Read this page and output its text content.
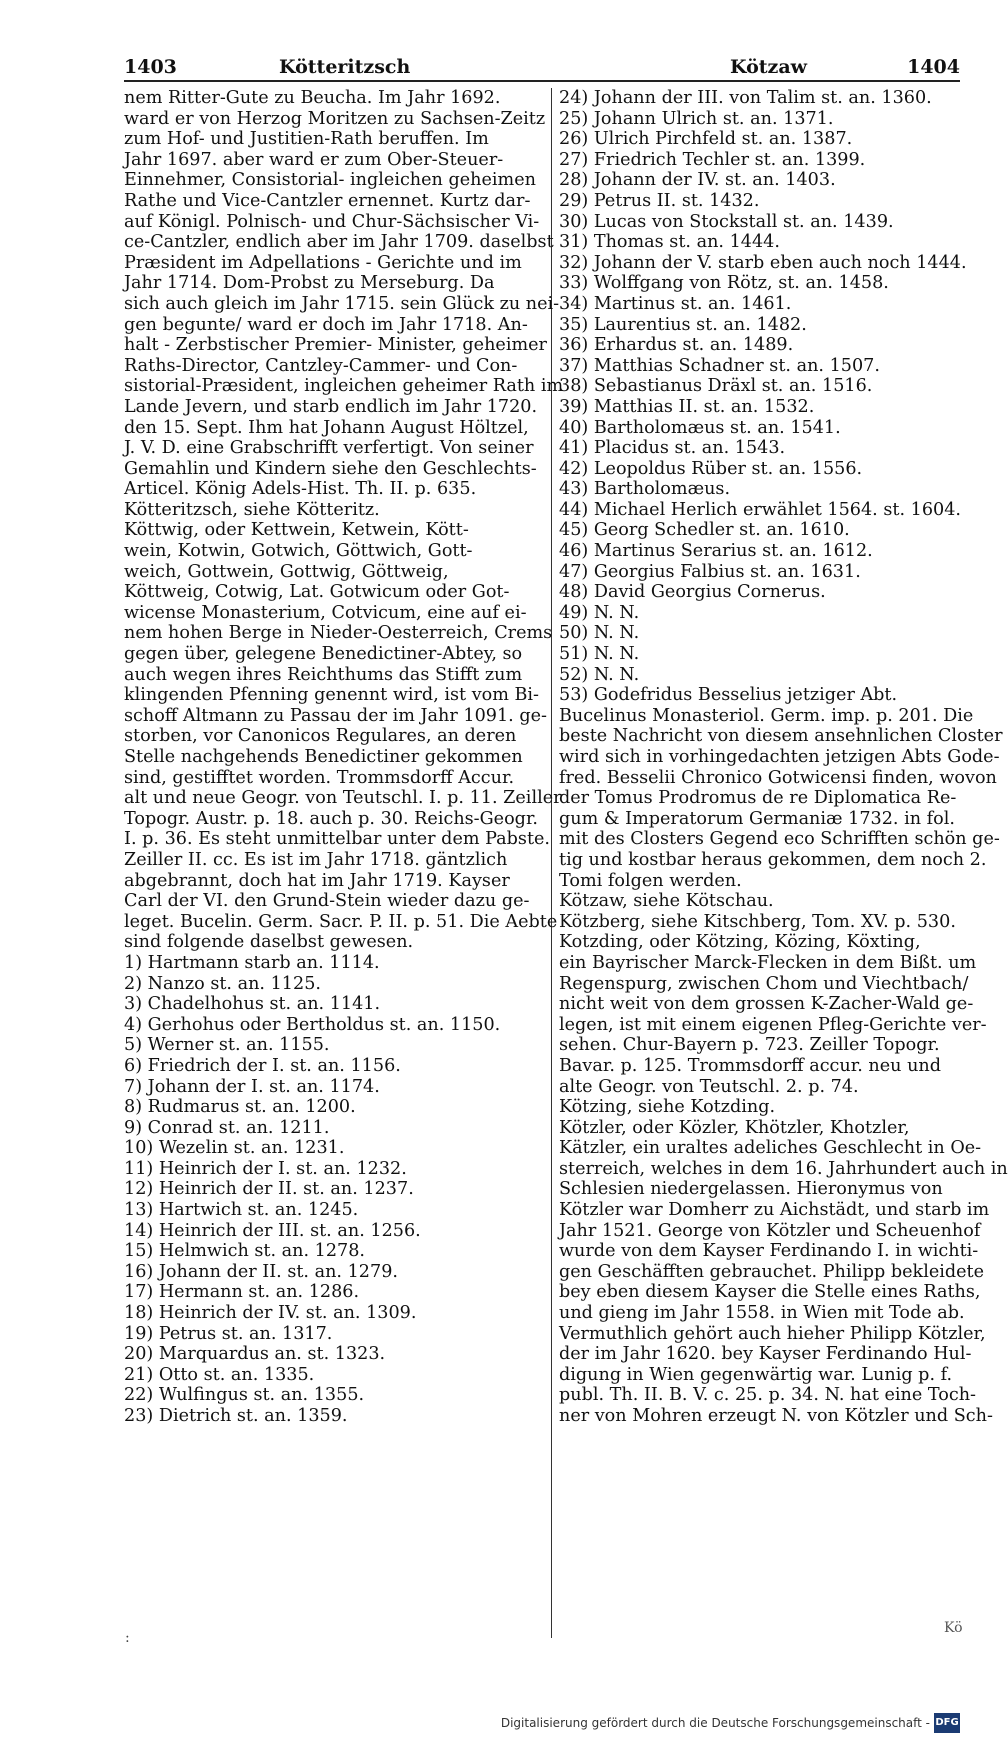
1403	Kötteritzsch	Kötzaw	1404
nem Ritter-Gute zu Beucha. Im Jahr 1692.
ward er von Herzog Moritzen zu Sachsen-Zeitz
zum Hof- und Justitien-Rath beruffen. Im
Jahr 1697. aber ward er zum Ober-Steuer-
Einnehmer, Consistorial- ingleichen geheimen
Rathe und Vice-Cantzler ernennet. Kurtz dar-
auf Königl. Polnisch- und Chur-Sächsischer Vi-
ce-Cantzler, endlich aber im Jahr 1709. daselbst
Præsident im Adpellations - Gerichte und im
Jahr 1714. Dom-Probst zu Merseburg. Da
sich auch gleich im Jahr 1715. sein Glück zu nei-
gen begunte/ ward er doch im Jahr 1718. An-
halt - Zerbstischer Premier- Minister, geheimer
Raths-Director, Cantzley-Cammer- und Con-
sistorial-Præsident, ingleichen geheimer Rath im
Lande Jevern, und starb endlich im Jahr 1720.
den 15. Sept. Ihm hat Johann August Höltzel,
J. V. D. eine Grabschrifft verfertigt. Von seiner
Gemahlin und Kindern siehe den Geschlechts-
Articel. König Adels-Hist. Th. II. p. 635.
Kötteritzsch, siehe Kötteritz.
Köttwig, oder Kettwein, Ketwein, Kött-
wein, Kotwin, Gotwich, Göttwich, Gott-
weich, Gottwein, Gottwig, Göttweig,
Köttweig, Cotwig, Lat. Gotwicum oder Got-
wicense Monasterium, Cotvicum, eine auf ei-
nem hohen Berge in Nieder-Oesterreich, Crems
gegen über, gelegene Benedictiner-Abtey, so
auch wegen ihres Reichthums das Stifft zum
klingenden Pfenning genennt wird, ist vom Bi-
schoff Altmann zu Passau der im Jahr 1091. ge-
storben, vor Canonicos Regulares, an deren
Stelle nachgehends Benedictiner gekommen
sind, gestifftet worden. Trommsdorff Accur.
alt und neue Geogr. von Teutschl. I. p. 11. Zeiller
Topogr. Austr. p. 18. auch p. 30. Reichs-Geogr.
I. p. 36. Es steht unmittelbar unter dem Pabste.
Zeiller II. cc. Es ist im Jahr 1718. gäntzlich
abgebrannt, doch hat im Jahr 1719. Kayser
Carl der VI. den Grund-Stein wieder dazu ge-
leget. Bucelin. Germ. Sacr. P. II. p. 51. Die Aebte
sind folgende daselbst gewesen.
1) Hartmann starb an. 1114.
2) Nanzo st. an. 1125.
3) Chadelhohus st. an. 1141.
4) Gerhohus oder Bertholdus st. an. 1150.
5) Werner st. an. 1155.
6) Friedrich der I. st. an. 1156.
7) Johann der I. st. an. 1174.
8) Rudmarus st. an. 1200.
9) Conrad st. an. 1211.
10) Wezelin st. an. 1231.
11) Heinrich der I. st. an. 1232.
12) Heinrich der II. st. an. 1237.
13) Hartwich st. an. 1245.
14) Heinrich der III. st. an. 1256.
15) Helmwich st. an. 1278.
16) Johann der II. st. an. 1279.
17) Hermann st. an. 1286.
18) Heinrich der IV. st. an. 1309.
19) Petrus st. an. 1317.
20) Marquardus an. st. 1323.
21) Otto st. an. 1335.
22) Wulfingus st. an. 1355.
23) Dietrich st. an. 1359.
24) Johann der III. von Talim st. an. 1360.
25) Johann Ulrich st. an. 1371.
26) Ulrich Pirchfeld st. an. 1387.
27) Friedrich Techler st. an. 1399.
28) Johann der IV. st. an. 1403.
29) Petrus II. st. 1432.
30) Lucas von Stockstall st. an. 1439.
31) Thomas st. an. 1444.
32) Johann der V. starb eben auch noch 1444.
33) Wolffgang von Rötz, st. an. 1458.
34) Martinus st. an. 1461.
35) Laurentius st. an. 1482.
36) Erhardus st. an. 1489.
37) Matthias Schadner st. an. 1507.
38) Sebastianus Dräxl st. an. 1516.
39) Matthias II. st. an. 1532.
40) Bartholomæus st. an. 1541.
41) Placidus st. an. 1543.
42) Leopoldus Rüber st. an. 1556.
43) Bartholomæus.
44) Michael Herlich erwählet 1564. st. 1604.
45) Georg Schedler st. an. 1610.
46) Martinus Serarius st. an. 1612.
47) Georgius Falbius st. an. 1631.
48) David Georgius Cornerus.
49) N. N.
50) N. N.
51) N. N.
52) N. N.
53) Godefridus Besselius jetziger Abt.
Bucelinus Monasteriol. Germ. imp. p. 201. Die
beste Nachricht von diesem ansehnlichen Closter
wird sich in vorhingedachten jetzigen Abts Gode-
fred. Besselii Chronico Gotwicensi finden, wovon
der Tomus Prodromus de re Diplomatica Re-
gum & Imperatorum Germaniæ 1732. in fol.
mit des Closters Gegend eco Schrifften schön ge-
tig und kostbar heraus gekommen, dem noch 2.
Tomi folgen werden.
Kötzaw, siehe Kötschau.
Kötzberg, siehe Kitschberg, Tom. XV. p. 530.
Kotzding, oder Kötzing, Közing, Köxting,
ein Bayrischer Marck-Flecken in dem Bißt. um
Regenspurg, zwischen Chom und Viechtbach/
nicht weit von dem grossen K-Zacher-Wald ge-
legen, ist mit einem eigenen Pfleg-Gerichte ver-
sehen. Chur-Bayern p. 723. Zeiller Topogr.
Bavar. p. 125. Trommsdorff accur. neu und
alte Geogr. von Teutschl. 2. p. 74.
Kötzing, siehe Kotzding.
Kötzler, oder Közler, Khötzler, Khotzler,
Kätzler, ein uraltes adeliches Geschlecht in Oe-
sterreich, welches in dem 16. Jahrhundert auch in
Schlesien niedergelassen. Hieronymus von
Kötzler war Domherr zu Aichstädt, und starb im
Jahr 1521. George von Kötzler und Scheuenhof
wurde von dem Kayser Ferdinando I. in wichti-
gen Geschäfften gebrauchet. Philipp bekleidete
bey eben diesem Kayser die Stelle eines Raths,
und gieng im Jahr 1558. in Wien mit Tode ab.
Vermuthlich gehört auch hieher Philipp Kötzler,
der im Jahr 1620. bey Kayser Ferdinando Hul-
digung in Wien gegenwärtig war. Lunig p. f.
publ. Th. II. B. V. c. 25. p. 34. N. hat eine Toch-
ner von Mohren erzeugt N. von Kötzler und Sch-
:
Kö
Digitalisierung gefördert durch die Deutsche Forschungsgemeinschaft - DFG
